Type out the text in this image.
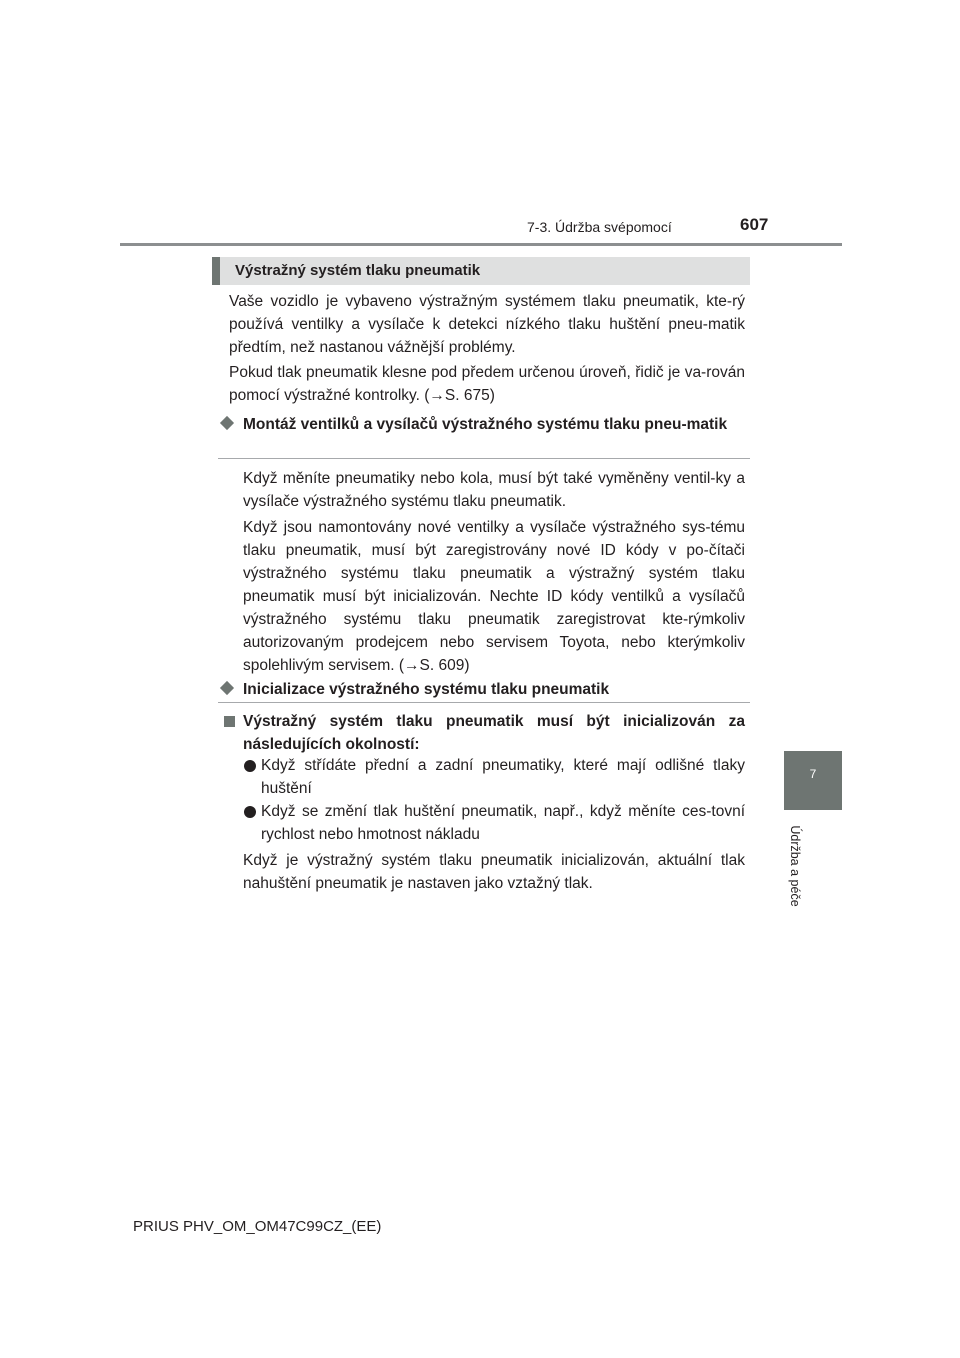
7-3. Údržba svépomocí	607
7
Údržba a péče
Výstražný systém tlaku pneumatik
Vaše vozidlo je vybaveno výstražným systémem tlaku pneumatik, kte-rý používá ventilky a vysílače k detekci nízkého tlaku huštění pneu-matik předtím, než nastanou vážnější problémy.
Pokud tlak pneumatik klesne pod předem určenou úroveň, řidič je va-rován pomocí výstražné kontrolky. (→S. 675)
Montáž ventilků a vysílačů výstražného systému tlaku pneu-matik
Když měníte pneumatiky nebo kola, musí být také vyměněny ventil-ky a vysílače výstražného systému tlaku pneumatik.
Když jsou namontovány nové ventilky a vysílače výstražného sys-tému tlaku pneumatik, musí být zaregistrovány nové ID kódy v po-čítači výstražného systému tlaku pneumatik a výstražný systém tlaku pneumatik musí být inicializován. Nechte ID kódy ventilků a vysílačů výstražného systému tlaku pneumatik zaregistrovat kte-rýmkoliv autorizovaným prodejcem nebo servisem Toyota, nebo kterýmkoliv spolehlivým servisem. (→S. 609)
Inicializace výstražného systému tlaku pneumatik
Výstražný systém tlaku pneumatik musí být inicializován za následujících okolností:
Když střídáte přední a zadní pneumatiky, které mají odlišné tlaky huštění
Když se změní tlak huštění pneumatik, např., když měníte ces-tovní rychlost nebo hmotnost nákladu
Když je výstražný systém tlaku pneumatik inicializován, aktuální tlak nahuštění pneumatik je nastaven jako vztažný tlak.
PRIUS PHV_OM_OM47C99CZ_(EE)
